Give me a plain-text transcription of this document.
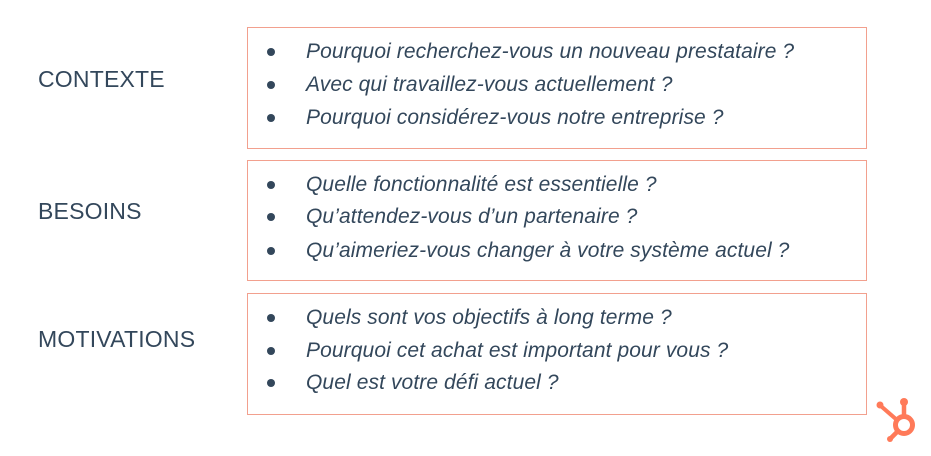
CONTEXTE
Pourquoi recherchez-vous un nouveau prestataire ?
Avec qui travaillez-vous actuellement ?
Pourquoi considérez-vous notre entreprise ?
BESOINS
Quelle fonctionnalité est essentielle ?
Qu’attendez-vous d’un partenaire ?
Qu’aimeriez-vous changer à votre système actuel ?
MOTIVATIONS
Quels sont vos objectifs à long terme ?
Pourquoi cet achat est important pour vous ?
Quel est votre défi actuel ?
